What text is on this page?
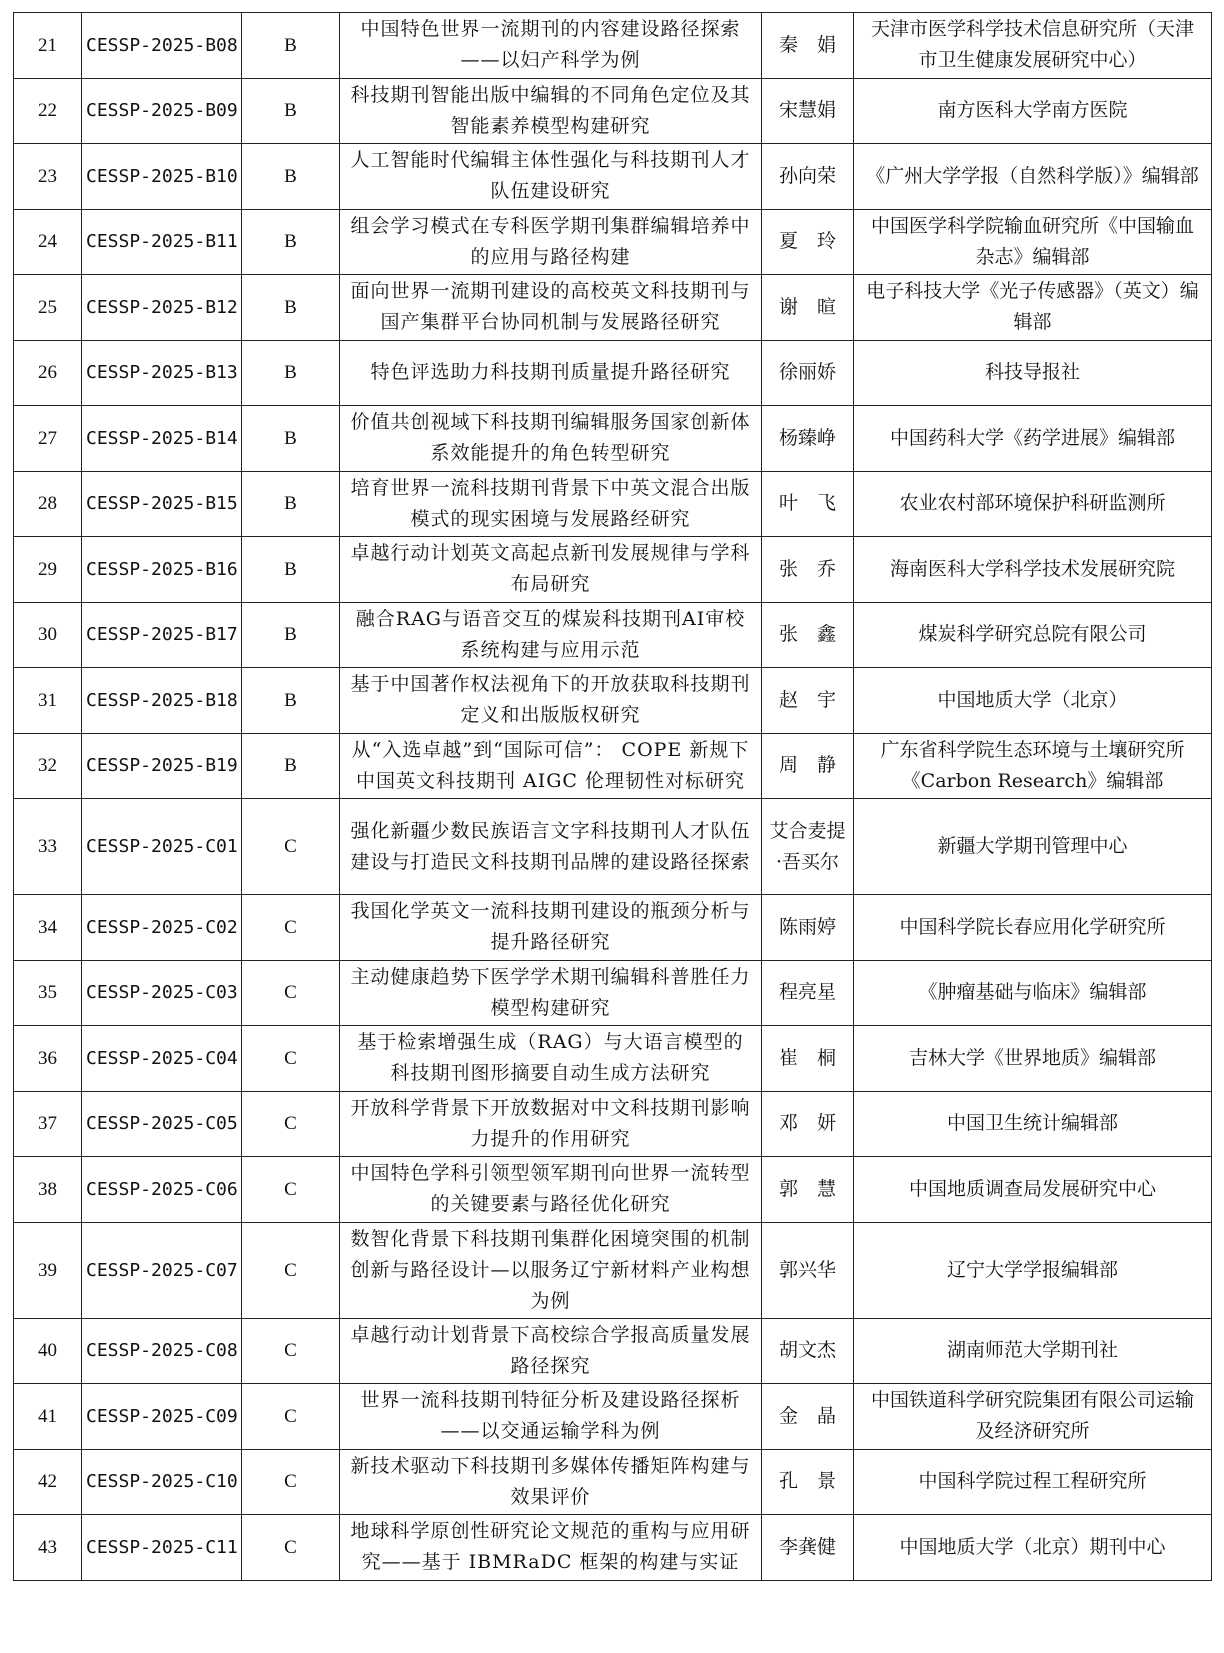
21	CESSP-2025-B08	B	中国特色世界一流期刊的内容建设路径探索——以妇产科学为例	秦　娟	天津市医学科学技术信息研究所（天津市卫生健康发展研究中心）
22	CESSP-2025-B09	B	科技期刊智能出版中编辑的不同角色定位及其智能素养模型构建研究	宋慧娟	南方医科大学南方医院
23	CESSP-2025-B10	B	人工智能时代编辑主体性强化与科技期刊人才队伍建设研究	孙向荣	《广州大学学报（自然科学版）》编辑部
24	CESSP-2025-B11	B	组会学习模式在专科医学期刊集群编辑培养中的应用与路径构建	夏　玲	中国医学科学院输血研究所《中国输血杂志》编辑部
25	CESSP-2025-B12	B	面向世界一流期刊建设的高校英文科技期刊与国产集群平台协同机制与发展路径研究	谢　暄	电子科技大学《光子传感器》（英文）编辑部
26	CESSP-2025-B13	B	特色评选助力科技期刊质量提升路径研究	徐丽娇	科技导报社
27	CESSP-2025-B14	B	价值共创视域下科技期刊编辑服务国家创新体系效能提升的角色转型研究	杨臻峥	中国药科大学《药学进展》编辑部
28	CESSP-2025-B15	B	培育世界一流科技期刊背景下中英文混合出版模式的现实困境与发展路经研究	叶　飞	农业农村部环境保护科研监测所
29	CESSP-2025-B16	B	卓越行动计划英文高起点新刊发展规律与学科布局研究	张　乔	海南医科大学科学技术发展研究院
30	CESSP-2025-B17	B	融合RAG与语音交互的煤炭科技期刊AI审校系统构建与应用示范	张　鑫	煤炭科学研究总院有限公司
31	CESSP-2025-B18	B	基于中国著作权法视角下的开放获取科技期刊定义和出版版权研究	赵　宇	中国地质大学（北京）
32	CESSP-2025-B19	B	从“入选卓越”到“国际可信”： COPE 新规下中国英文科技期刊 AIGC 伦理韧性对标研究	周　静	广东省科学院生态环境与土壤研究所《Carbon Research》编辑部
33	CESSP-2025-C01	C	强化新疆少数民族语言文字科技期刊人才队伍建设与打造民文科技期刊品牌的建设路径探索	艾合麦提·吾买尔	新疆大学期刊管理中心
34	CESSP-2025-C02	C	我国化学英文一流科技期刊建设的瓶颈分析与提升路径研究	陈雨婷	中国科学院长春应用化学研究所
35	CESSP-2025-C03	C	主动健康趋势下医学学术期刊编辑科普胜任力模型构建研究	程亮星	《肿瘤基础与临床》编辑部
36	CESSP-2025-C04	C	基于检索增强生成（RAG）与大语言模型的科技期刊图形摘要自动生成方法研究	崔　桐	吉林大学《世界地质》编辑部
37	CESSP-2025-C05	C	开放科学背景下开放数据对中文科技期刊影响力提升的作用研究	邓　妍	中国卫生统计编辑部
38	CESSP-2025-C06	C	中国特色学科引领型领军期刊向世界一流转型的关键要素与路径优化研究	郭　慧	中国地质调查局发展研究中心
39	CESSP-2025-C07	C	数智化背景下科技期刊集群化困境突围的机制创新与路径设计—以服务辽宁新材料产业构想为例	郭兴华	辽宁大学学报编辑部
40	CESSP-2025-C08	C	卓越行动计划背景下高校综合学报高质量发展路径探究	胡文杰	湖南师范大学期刊社
41	CESSP-2025-C09	C	世界一流科技期刊特征分析及建设路径探析——以交通运输学科为例	金　晶	中国铁道科学研究院集团有限公司运输及经济研究所
42	CESSP-2025-C10	C	新技术驱动下科技期刊多媒体传播矩阵构建与效果评价	孔　景	中国科学院过程工程研究所
43	CESSP-2025-C11	C	地球科学原创性研究论文规范的重构与应用研究——基于 IBMRaDC 框架的构建与实证	李龚健	中国地质大学（北京）期刊中心
